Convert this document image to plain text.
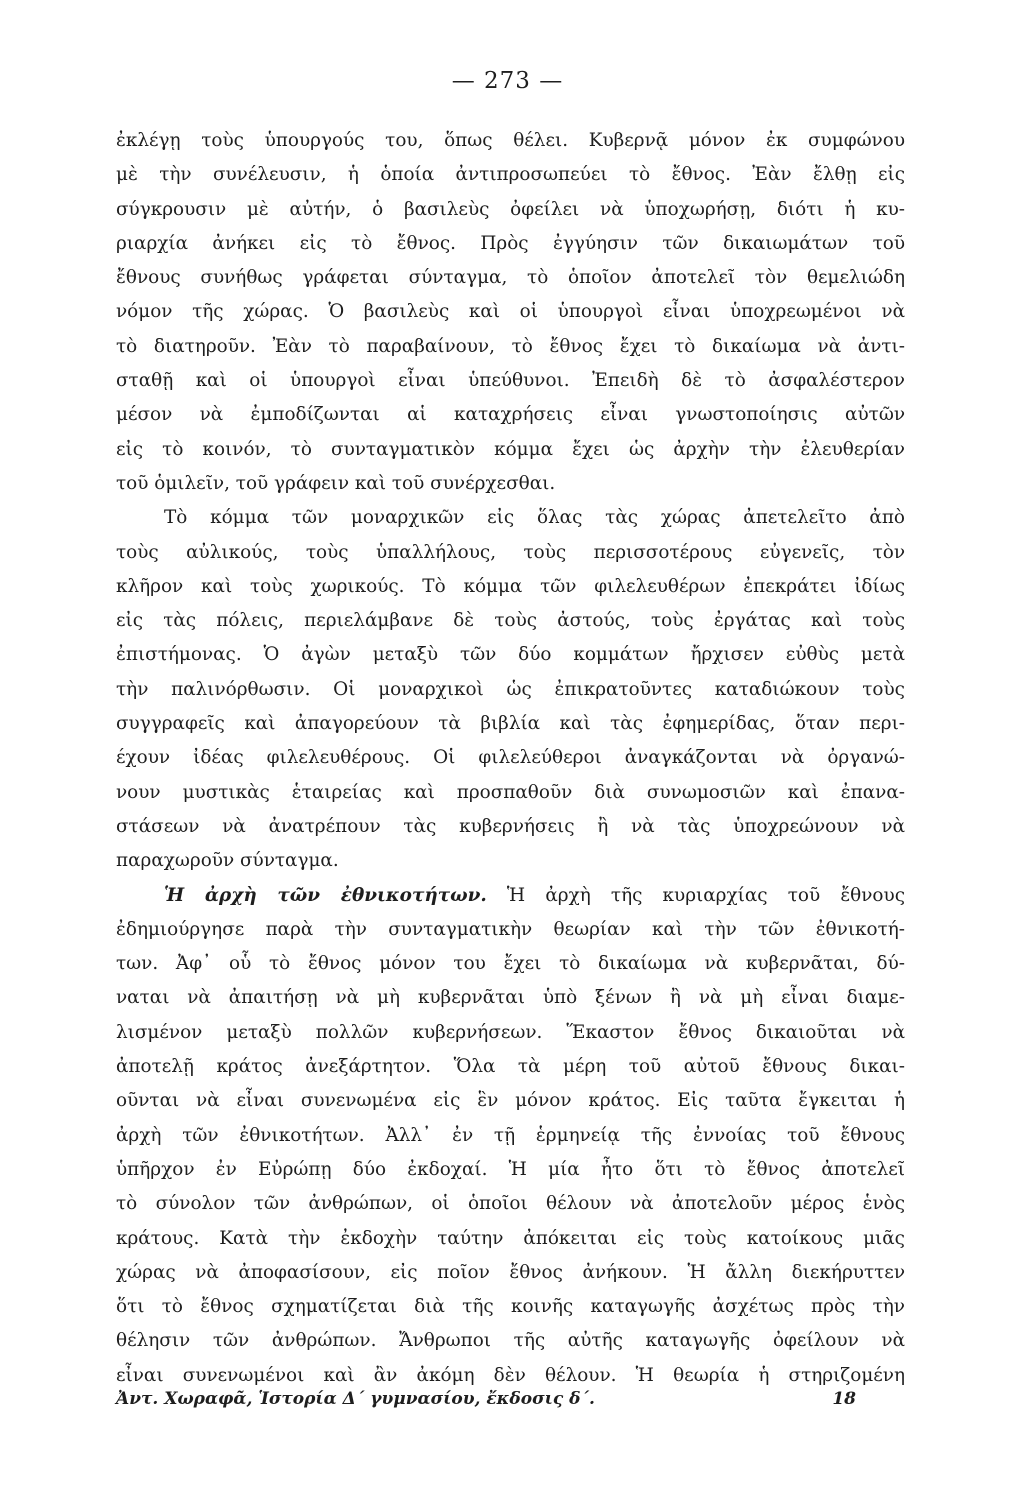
— 273 —
ἐκλέγῃ τοὺς ὑπουργούς του, ὅπως θέλει. Κυβερνᾷ μόνον ἐκ συμφώνου
μὲ τὴν συνέλευσιν, ἡ ὁποία ἀντιπροσωπεύει τὸ ἔθνος. Ἐὰν ἔλθῃ εἰς
σύγκρουσιν μὲ αὐτήν, ὁ βασιλεὺς ὀφείλει νὰ ὑποχωρήσῃ, διότι ἡ κυ-
ριαρχία ἀνήκει εἰς τὸ ἔθνος. Πρὸς ἐγγύησιν τῶν δικαιωμάτων τοῦ
ἔθνους συνήθως γράφεται σύνταγμα, τὸ ὁποῖον ἀποτελεῖ τὸν θεμελιώδη
νόμον τῆς χώρας. Ὁ βασιλεὺς καὶ οἱ ὑπουργοὶ εἶναι ὑποχρεωμένοι νὰ
τὸ διατηροῦν. Ἐὰν τὸ παραβαίνουν, τὸ ἔθνος ἔχει τὸ δικαίωμα νὰ ἀντι-
σταθῇ καὶ οἱ ὑπουργοὶ εἶναι ὑπεύθυνοι. Ἐπειδὴ δὲ τὸ ἀσφαλέστερον
μέσον νὰ ἐμποδίζωνται αἱ καταχρήσεις εἶναι γνωστοποίησις αὐτῶν
εἰς τὸ κοινόν, τὸ συνταγματικὸν κόμμα ἔχει ὡς ἀρχὴν τὴν ἐλευθερίαν
τοῦ ὁμιλεῖν, τοῦ γράφειν καὶ τοῦ συνέρχεσθαι.
Τὸ κόμμα τῶν μοναρχικῶν εἰς ὅλας τὰς χώρας ἀπετελεῖτο ἀπὸ
τοὺς αὐλικούς, τοὺς ὑπαλλήλους, τοὺς περισσοτέρους εὐγενεῖς, τὸν
κλῆρον καὶ τοὺς χωρικούς. Τὸ κόμμα τῶν φιλελευθέρων ἐπεκράτει ἰδίως
εἰς τὰς πόλεις, περιελάμβανε δὲ τοὺς ἀστούς, τοὺς ἐργάτας καὶ τοὺς
ἐπιστήμονας. Ὁ ἀγὼν μεταξὺ τῶν δύο κομμάτων ἤρχισεν εὐθὺς μετὰ
τὴν παλινόρθωσιν. Οἱ μοναρχικοὶ ὡς ἐπικρατοῦντες καταδιώκουν τοὺς
συγγραφεῖς καὶ ἀπαγορεύουν τὰ βιβλία καὶ τὰς ἐφημερίδας, ὅταν περι-
έχουν ἰδέας φιλελευθέρους. Οἱ φιλελεύθεροι ἀναγκάζονται νὰ ὀργανώ-
νουν μυστικὰς ἑταιρείας καὶ προσπαθοῦν διὰ συνωμοσιῶν καὶ ἐπανα-
στάσεων νὰ ἀνατρέπουν τὰς κυβερνήσεις ἢ νὰ τὰς ὑποχρεώνουν νὰ
παραχωροῦν σύνταγμα.
Ἡ ἀρχὴ τῶν ἐθνικοτήτων. Ἡ ἀρχὴ τῆς κυριαρχίας τοῦ ἔθνους
ἐδημιούργησε παρὰ τὴν συνταγματικὴν θεωρίαν καὶ τὴν τῶν ἐθνικοτή-
των. Ἀφ᾿ οὗ τὸ ἔθνος μόνον του ἔχει τὸ δικαίωμα νὰ κυβερνᾶται, δύ-
ναται νὰ ἀπαιτήσῃ νὰ μὴ κυβερνᾶται ὑπὸ ξένων ἢ νὰ μὴ εἶναι διαμε-
λισμένον μεταξὺ πολλῶν κυβερνήσεων. Ἕκαστον ἔθνος δικαιοῦται νὰ
ἀποτελῇ κράτος ἀνεξάρτητον. Ὅλα τὰ μέρη τοῦ αὐτοῦ ἔθνους δικαι-
οῦνται νὰ εἶναι συνενωμένα εἰς ἓν μόνον κράτος. Εἰς ταῦτα ἔγκειται ἡ
ἀρχὴ τῶν ἐθνικοτήτων. Ἀλλ᾿ ἐν τῇ ἑρμηνείᾳ τῆς ἐννοίας τοῦ ἔθνους
ὑπῆρχον ἐν Εὐρώπῃ δύο ἐκδοχαί. Ἡ μία ἦτο ὅτι τὸ ἔθνος ἀποτελεῖ
τὸ σύνολον τῶν ἀνθρώπων, οἱ ὁποῖοι θέλουν νὰ ἀποτελοῦν μέρος ἑνὸς
κράτους. Κατὰ τὴν ἐκδοχὴν ταύτην ἀπόκειται εἰς τοὺς κατοίκους μιᾶς
χώρας νὰ ἀποφασίσουν, εἰς ποῖον ἔθνος ἀνήκουν. Ἡ ἄλλη διεκήρυττεν
ὅτι τὸ ἔθνος σχηματίζεται διὰ τῆς κοινῆς καταγωγῆς ἀσχέτως πρὸς τὴν
θέλησιν τῶν ἀνθρώπων. Ἄνθρωποι τῆς αὐτῆς καταγωγῆς ὀφείλουν νὰ
εἶναι συνενωμένοι καὶ ἂν ἀκόμη δὲν θέλουν. Ἡ θεωρία ἡ στηριζομένη
Ἀντ. Χωραφᾶ, Ἱστορία Δ΄ γυμνασίου, ἔκδοσις δ΄.	18
